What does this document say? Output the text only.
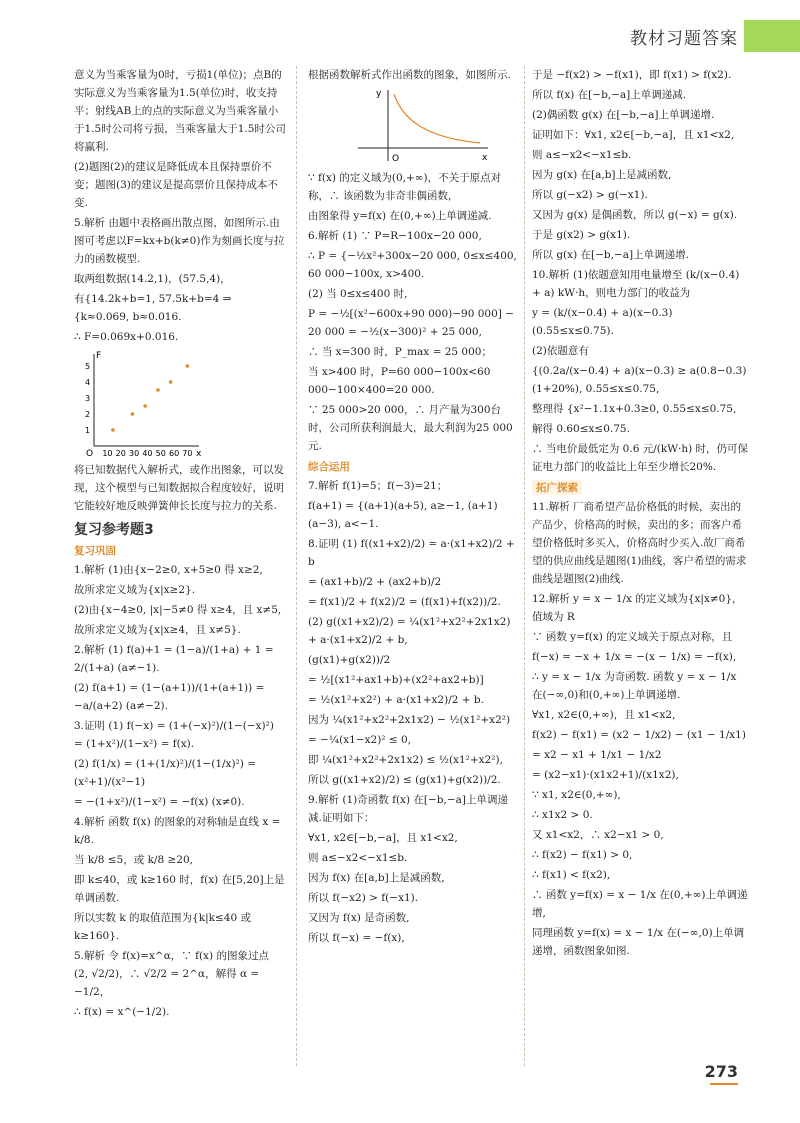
教材习题答案

意义为当乘客量为0时，亏损1(单位)；点B的实际意义为当乘客量为1.5(单位)时，收支持平；射线AB上的点的实际意义为当乘客量小于1.5时公司将亏损，当乘客量大于1.5时公司将赢利.

(2)题图(2)的建议是降低成本且保持票价不变；题图(3)的建议是提高票价且保持成本不变.

5.解析 由题中表格画出散点图，如图所示.由图可考虑以F=kx+b(k≠0)作为刻画长度与拉力的函数模型.

取两组数据(14.2,1)，(57.5,4)，

有{14.2k+b=1, 57.5k+b=4 ⇒ {k≈0.069, b≈0.016.

∴ F=0.069x+0.016.

F
O	x
10 20 30 40 50 60 70
1
2
3
4
5

将已知数据代入解析式，或作出图象，可以发现，这个模型与已知数据拟合程度较好，说明它能较好地反映弹簧伸长长度与拉力的关系.

复习参考题3
复习巩固

1.解析 (1)由{x−2≥0, x+5≥0 得 x≥2,

故所求定义域为{x|x≥2}.

(2)由{x−4≥0, |x|−5≠0 得 x≥4，且 x≠5,

故所求定义域为{x|x≥4，且 x≠5}.

2.解析 (1) f(a)+1 = (1−a)/(1+a) + 1 = 2/(1+a) (a≠−1).

(2) f(a+1) = (1−(a+1))/(1+(a+1)) = −a/(a+2) (a≠−2).

3.证明 (1) f(−x) = (1+(−x)²)/(1−(−x)²) = (1+x²)/(1−x²) = f(x).

(2) f(1/x) = (1+(1/x)²)/(1−(1/x)²) = (x²+1)/(x²−1)

= −(1+x²)/(1−x²) = −f(x) (x≠0).

4.解析 函数 f(x) 的图象的对称轴是直线 x = k/8.

当 k/8 ≤5，或 k/8 ≥20,

即 k≤40，或 k≥160 时，f(x) 在[5,20]上是单调函数.

所以实数 k 的取值范围为{k|k≤40 或 k≥160}.

5.解析 令 f(x)=x^α，∵ f(x) 的图象过点 (2, √2/2)，∴ √2/2 = 2^α，解得 α = −1/2，

∴ f(x) = x^(−1/2).

根据函数解析式作出函数的图象，如图所示.

y
O	x

∵ f(x) 的定义域为(0,+∞)，不关于原点对称，∴ 该函数为非奇非偶函数，

由图象得 y=f(x) 在(0,+∞)上单调递减.

6.解析 (1) ∵ P=R−100x−20 000,

∴ P = {−½x²+300x−20 000, 0≤x≤400, 60 000−100x, x>400.

(2) 当 0≤x≤400 时,

P = −½[(x²−600x+90 000)−90 000] − 20 000 = −½(x−300)² + 25 000,

∴ 当 x=300 时，P_max = 25 000；

当 x>400 时，P=60 000−100x<60 000−100×400=20 000.

∵ 25 000>20 000，∴ 月产量为300台时，公司所获利润最大，最大利润为25 000元.

综合运用

7.解析 f(1)=5；f(−3)=21；

f(a+1) = {(a+1)(a+5), a≥−1, (a+1)(a−3), a<−1.

8.证明 (1) f((x1+x2)/2) = a·(x1+x2)/2 + b

= (ax1+b)/2 + (ax2+b)/2

= f(x1)/2 + f(x2)/2 = (f(x1)+f(x2))/2.

(2) g((x1+x2)/2) = ¼(x1²+x2²+2x1x2) + a·(x1+x2)/2 + b,

(g(x1)+g(x2))/2

= ½[(x1²+ax1+b)+(x2²+ax2+b)]

= ½(x1²+x2²) + a·(x1+x2)/2 + b.

因为 ¼(x1²+x2²+2x1x2) − ½(x1²+x2²)

= −¼(x1−x2)² ≤ 0,

即 ¼(x1²+x2²+2x1x2) ≤ ½(x1²+x2²),

所以 g((x1+x2)/2) ≤ (g(x1)+g(x2))/2.

9.解析 (1)奇函数 f(x) 在[−b,−a]上单调递减.证明如下：

∀x1, x2∈[−b,−a]，且 x1<x2,

则 a≤−x2<−x1≤b.

因为 f(x) 在[a,b]上是减函数,

所以 f(−x2) > f(−x1).

又因为 f(x) 是奇函数,

所以 f(−x) = −f(x),

于是 −f(x2) > −f(x1)，即 f(x1) > f(x2).

所以 f(x) 在[−b,−a]上单调递减.

(2)偶函数 g(x) 在[−b,−a]上单调递增.

证明如下：∀x1, x2∈[−b,−a]，且 x1<x2,

则 a≤−x2<−x1≤b.

因为 g(x) 在[a,b]上是减函数,

所以 g(−x2) > g(−x1).

又因为 g(x) 是偶函数，所以 g(−x) = g(x).

于是 g(x2) > g(x1).

所以 g(x) 在[−b,−a]上单调递增.

10.解析 (1)依题意知用电量增至 (k/(x−0.4) + a) kW·h，则电力部门的收益为

y = (k/(x−0.4) + a)(x−0.3) (0.55≤x≤0.75).

(2)依题意有

{(0.2a/(x−0.4) + a)(x−0.3) ≥ a(0.8−0.3)(1+20%), 0.55≤x≤0.75,

整理得 {x²−1.1x+0.3≥0, 0.55≤x≤0.75,

解得 0.60≤x≤0.75.

∴ 当电价最低定为 0.6 元/(kW·h) 时，仍可保证电力部门的收益比上年至少增长20%.

拓广探索

11.解析 厂商希望产品价格低的时候，卖出的产品少，价格高的时候，卖出的多；而客户希望价格低时多买入，价格高时少买入.故厂商希望的供应曲线是题图(1)曲线，客户希望的需求曲线是题图(2)曲线.

12.解析 y = x − 1/x 的定义域为{x|x≠0}，值域为 R

∵ 函数 y=f(x) 的定义域关于原点对称，且

f(−x) = −x + 1/x = −(x − 1/x) = −f(x),

∴ y = x − 1/x 为奇函数. 函数 y = x − 1/x 在(−∞,0)和(0,+∞)上单调递增.

∀x1, x2∈(0,+∞)，且 x1<x2,

f(x2) − f(x1) = (x2 − 1/x2) − (x1 − 1/x1)

= x2 − x1 + 1/x1 − 1/x2

= (x2−x1)·(x1x2+1)/(x1x2),

∵ x1, x2∈(0,+∞),

∴ x1x2 > 0.

又 x1<x2，∴ x2−x1 > 0,

∴ f(x2) − f(x1) > 0,

∴ f(x1) < f(x2),

∴ 函数 y=f(x) = x − 1/x 在(0,+∞)上单调递增,

同理函数 y=f(x) = x − 1/x 在(−∞,0)上单调递增，函数图象如图.

273
